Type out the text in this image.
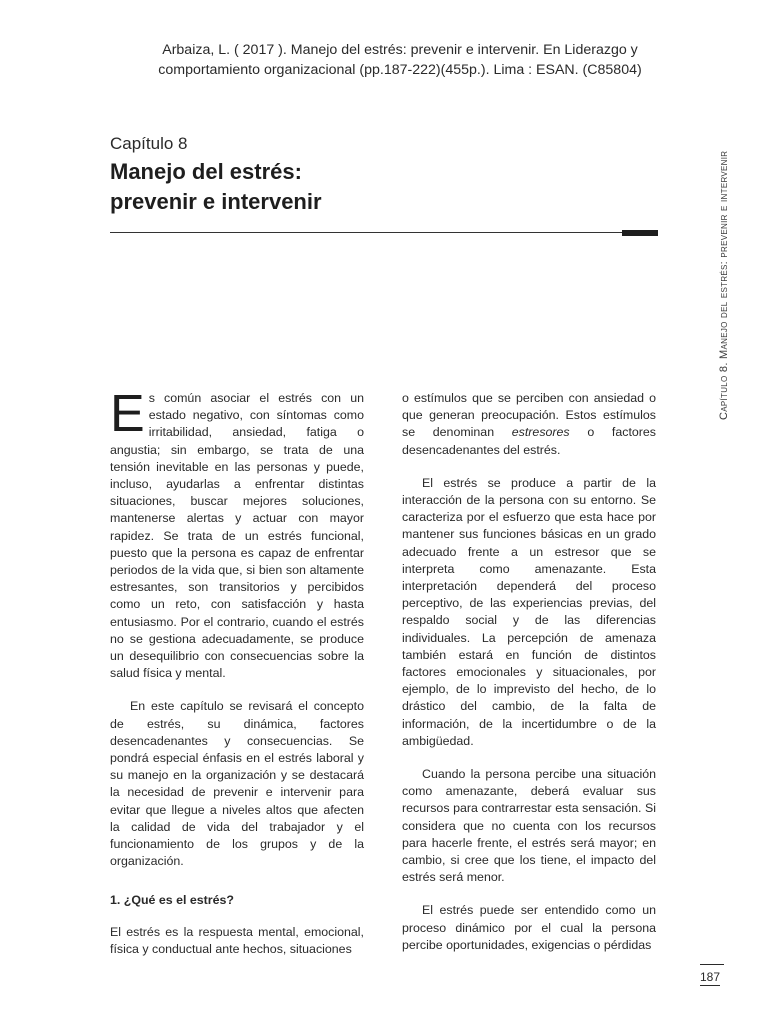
Arbaiza, L. ( 2017 ). Manejo del estrés: prevenir e intervenir. En Liderazgo y
comportamiento organizacional (pp.187-222)(455p.). Lima : ESAN. (C85804)
Capítulo 8
Manejo del estrés:
prevenir e intervenir	Capítulo 8. Manejo del estrés: prevenir e intervenir

Es común asociar el estrés con un estado negativo, con síntomas como irritabilidad, ansiedad, fatiga o angustia; sin embargo, se trata de una tensión inevitable en las personas y puede, incluso, ayudarlas a enfrentar distintas situaciones, buscar mejores soluciones, mantenerse alertas y actuar con mayor rapidez. Se trata de un estrés funcional, puesto que la persona es capaz de enfrentar periodos de la vida que, si bien son altamente estresantes, son transitorios y percibidos como un reto, con satisfacción y hasta entusiasmo. Por el contrario, cuando el estrés no se gestiona adecuadamente, se produce un desequilibrio con consecuencias sobre la salud física y mental.

En este capítulo se revisará el concepto de estrés, su dinámica, factores desencadenantes y consecuencias. Se pondrá especial énfasis en el estrés laboral y su manejo en la organización y se destacará la necesidad de prevenir e intervenir para evitar que llegue a niveles altos que afecten la calidad de vida del trabajador y el funcionamiento de los grupos y de la organización.

1. ¿Qué es el estrés?

El estrés es la respuesta mental, emocional, física y conductual ante hechos, situaciones

o estímulos que se perciben con ansiedad o que generan preocupación. Estos estímulos se denominan estresores o factores desencadenantes del estrés.

El estrés se produce a partir de la interacción de la persona con su entorno. Se caracteriza por el esfuerzo que esta hace por mantener sus funciones básicas en un grado adecuado frente a un estresor que se interpreta como amenazante. Esta interpretación dependerá del proceso perceptivo, de las experiencias previas, del respaldo social y de las diferencias individuales. La percepción de amenaza también estará en función de distintos factores emocionales y situacionales, por ejemplo, de lo imprevisto del hecho, de lo drástico del cambio, de la falta de información, de la incertidumbre o de la ambigüedad.

Cuando la persona percibe una situación como amenazante, deberá evaluar sus recursos para contrarrestar esta sensación. Si considera que no cuenta con los recursos para hacerle frente, el estrés será mayor; en cambio, si cree que los tiene, el impacto del estrés será menor.

El estrés puede ser entendido como un proceso dinámico por el cual la persona percibe oportunidades, exigencias o pérdidas

187
